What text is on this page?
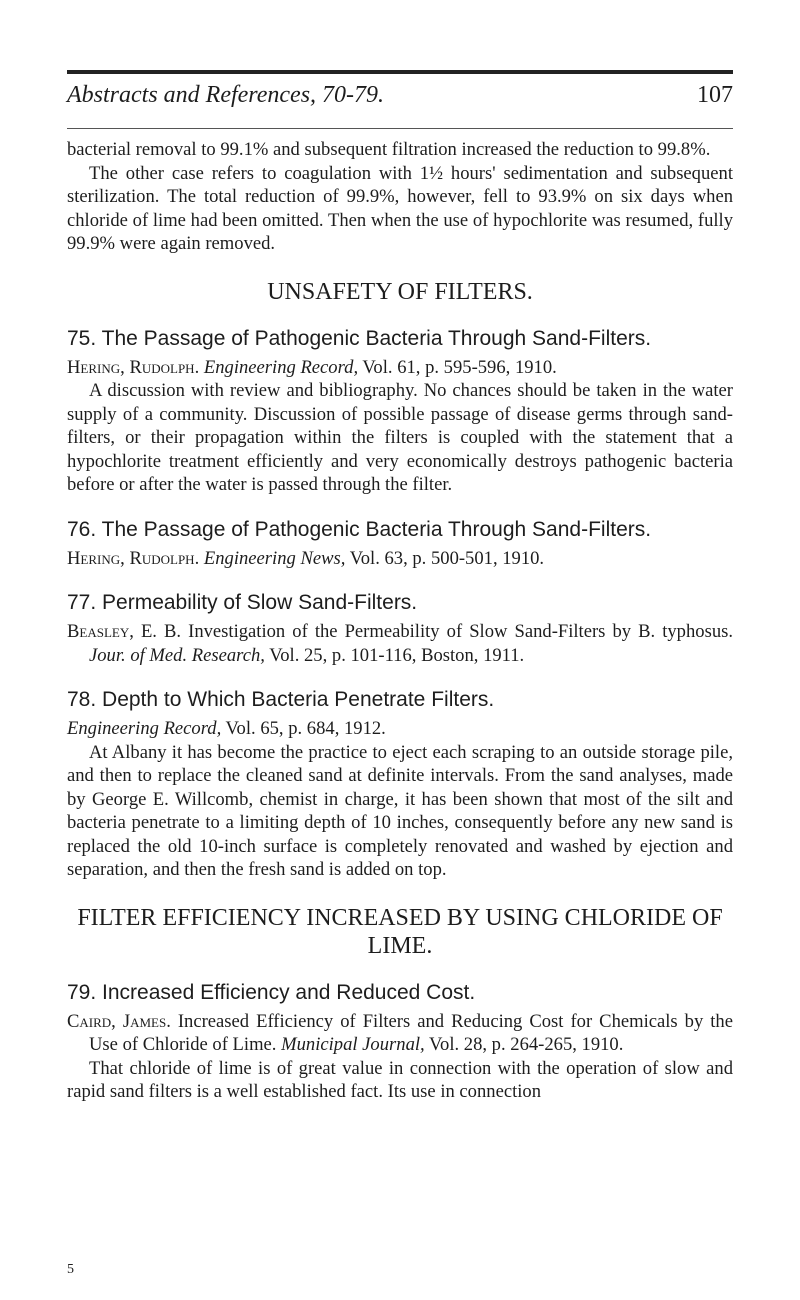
Abstracts and References, 70-79.	107

bacterial removal to 99.1% and subsequent filtration increased the reduction to 99.8%.

The other case refers to coagulation with 1½ hours' sedimentation and subsequent sterilization. The total reduction of 99.9%, however, fell to 93.9% on six days when chloride of lime had been omitted. Then when the use of hypochlorite was resumed, fully 99.9% were again removed.

UNSAFETY OF FILTERS.
75. The Passage of Pathogenic Bacteria Through Sand-Filters.

Hering, Rudolph. Engineering Record, Vol. 61, p. 595-596, 1910.

A discussion with review and bibliography. No chances should be taken in the water supply of a community. Discussion of possible passage of disease germs through sand-filters, or their propagation within the filters is coupled with the statement that a hypochlorite treatment efficiently and very economically destroys pathogenic bacteria before or after the water is passed through the filter.

76. The Passage of Pathogenic Bacteria Through Sand-Filters.

Hering, Rudolph. Engineering News, Vol. 63, p. 500-501, 1910.

77. Permeability of Slow Sand-Filters.

Beasley, E. B. Investigation of the Permeability of Slow Sand-Filters by B. typhosus. Jour. of Med. Research, Vol. 25, p. 101-116, Boston, 1911.

78. Depth to Which Bacteria Penetrate Filters.

Engineering Record, Vol. 65, p. 684, 1912.

At Albany it has become the practice to eject each scraping to an outside storage pile, and then to replace the cleaned sand at definite intervals. From the sand analyses, made by George E. Willcomb, chemist in charge, it has been shown that most of the silt and bacteria penetrate to a limiting depth of 10 inches, consequently before any new sand is replaced the old 10-inch surface is completely renovated and washed by ejection and separation, and then the fresh sand is added on top.

FILTER EFFICIENCY INCREASED BY USING CHLORIDE OF LIME.
79. Increased Efficiency and Reduced Cost.

Caird, James. Increased Efficiency of Filters and Reducing Cost for Chemicals by the Use of Chloride of Lime. Municipal Journal, Vol. 28, p. 264-265, 1910.

That chloride of lime is of great value in connection with the operation of slow and rapid sand filters is a well established fact. Its use in connection

5
